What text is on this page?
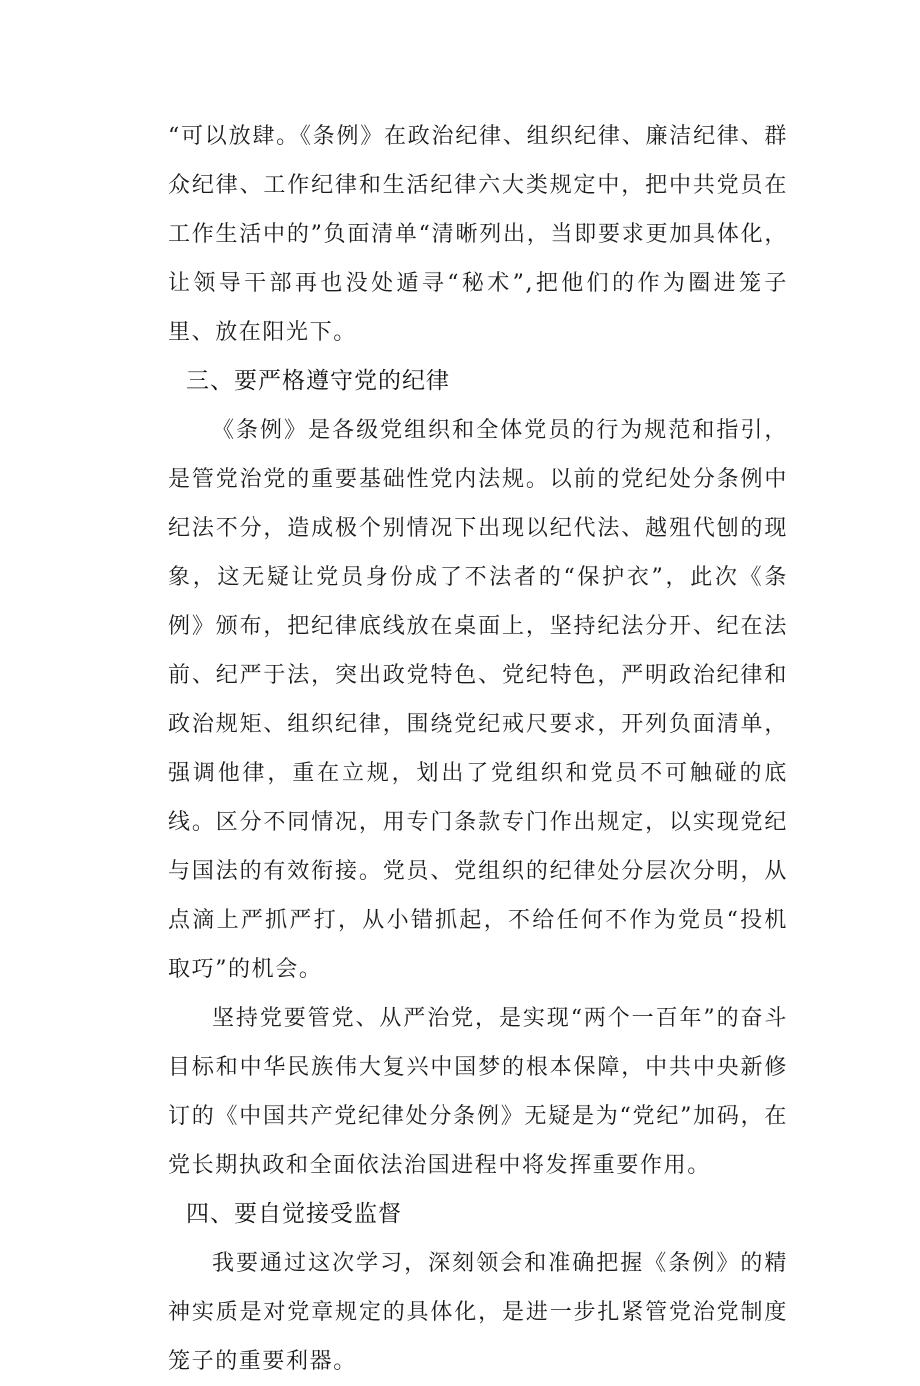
“可以放肆。《条例》在政治纪律、组织纪律、廉洁纪律、群众纪律、工作纪律和生活纪律六大类规定中，把中共党员在工作生活中的”负面清单“清晰列出，当即要求更加具体化，让领导干部再也没处遁寻“秘术”,把他们的作为圈进笼子里、放在阳光下。

三、要严格遵守党的纪律

《条例》是各级党组织和全体党员的行为规范和指引，是管党治党的重要基础性党内法规。以前的党纪处分条例中纪法不分，造成极个别情况下出现以纪代法、越殂代刨的现象，这无疑让党员身份成了不法者的“保护衣”，此次《条例》颁布，把纪律底线放在桌面上，坚持纪法分开、纪在法前、纪严于法，突出政党特色、党纪特色，严明政治纪律和政治规矩、组织纪律，围绕党纪戒尺要求，开列负面清单，强调他律，重在立规，划出了党组织和党员不可触碰的底线。区分不同情况，用专门条款专门作出规定，以实现党纪与国法的有效衔接。党员、党组织的纪律处分层次分明，从点滴上严抓严打，从小错抓起，不给任何不作为党员“投机取巧”的机会。

坚持党要管党、从严治党，是实现“两个一百年”的奋斗目标和中华民族伟大复兴中国梦的根本保障，中共中央新修订的《中国共产党纪律处分条例》无疑是为“党纪”加码，在党长期执政和全面依法治国进程中将发挥重要作用。

四、要自觉接受监督

我要通过这次学习，深刻领会和准确把握《条例》的精神实质是对党章规定的具体化，是进一步扎紧管党治党制度笼子的重要利器。
